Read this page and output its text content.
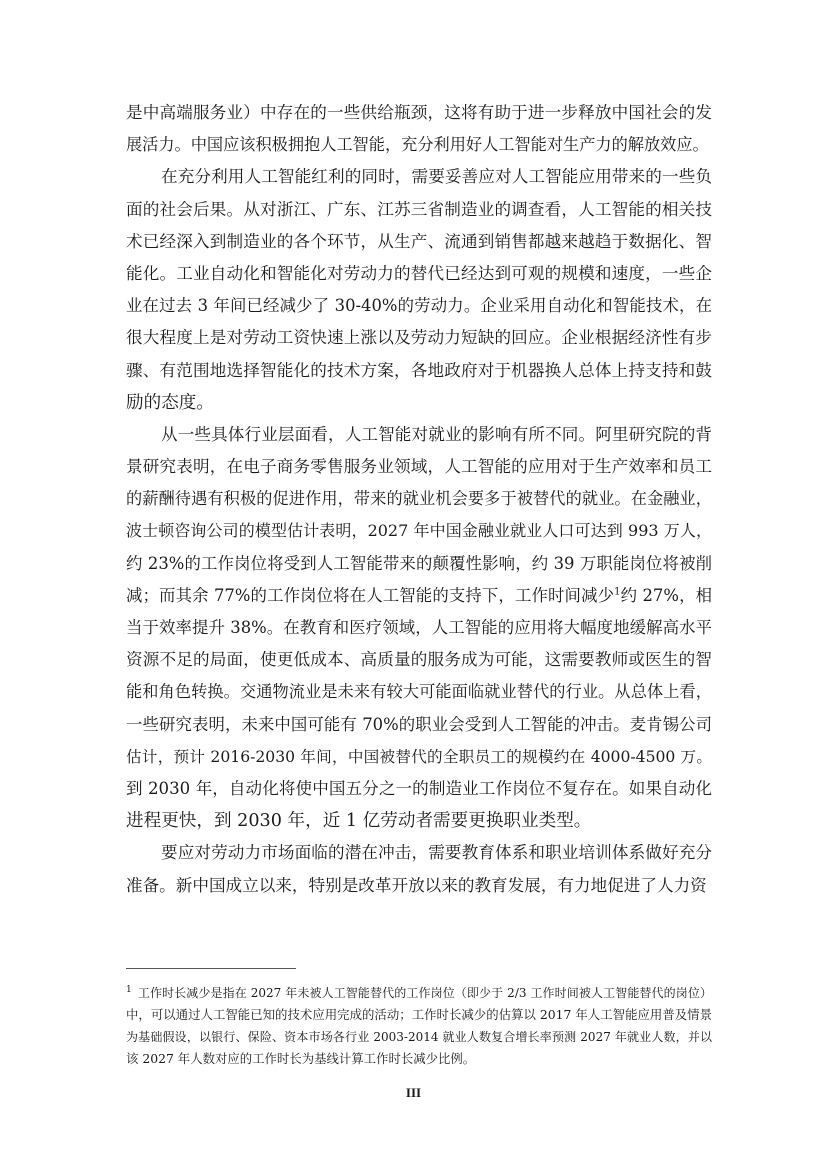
是中高端服务业）中存在的一些供给瓶颈，这将有助于进一步释放中国社会的发
展活力。中国应该积极拥抱人工智能，充分利用好人工智能对生产力的解放效应。
在充分利用人工智能红利的同时，需要妥善应对人工智能应用带来的一些负
面的社会后果。从对浙江、广东、江苏三省制造业的调查看，人工智能的相关技
术已经深入到制造业的各个环节，从生产、流通到销售都越来越趋于数据化、智
能化。工业自动化和智能化对劳动力的替代已经达到可观的规模和速度，一些企
业在过去 3 年间已经减少了 30-40%的劳动力。企业采用自动化和智能技术，在
很大程度上是对劳动工资快速上涨以及劳动力短缺的回应。企业根据经济性有步
骤、有范围地选择智能化的技术方案，各地政府对于机器换人总体上持支持和鼓
励的态度。
从一些具体行业层面看，人工智能对就业的影响有所不同。阿里研究院的背
景研究表明，在电子商务零售服务业领域，人工智能的应用对于生产效率和员工
的薪酬待遇有积极的促进作用，带来的就业机会要多于被替代的就业。在金融业，
波士顿咨询公司的模型估计表明，2027 年中国金融业就业人口可达到 993 万人，
约 23%的工作岗位将受到人工智能带来的颠覆性影响，约 39 万职能岗位将被削
减；而其余 77%的工作岗位将在人工智能的支持下，工作时间减少$^1$约 27%，相
当于效率提升 38%。在教育和医疗领域，人工智能的应用将大幅度地缓解高水平
资源不足的局面，使更低成本、高质量的服务成为可能，这需要教师或医生的智
能和角色转换。交通物流业是未来有较大可能面临就业替代的行业。从总体上看，
一些研究表明，未来中国可能有 70%的职业会受到人工智能的冲击。麦肯锡公司
估计，预计 2016-2030 年间，中国被替代的全职员工的规模约在 4000-4500 万。
到 2030 年，自动化将使中国五分之一的制造业工作岗位不复存在。如果自动化
进程更快，到 2030 年，近 1 亿劳动者需要更换职业类型。
要应对劳动力市场面临的潜在冲击，需要教育体系和职业培训体系做好充分
准备。新中国成立以来，特别是改革开放以来的教育发展，有力地促进了人力资
$^1$ 工作时长减少是指在 2027 年未被人工智能替代的工作岗位（即少于 2/3 工作时间被人工智能替代的岗位）
中，可以通过人工智能已知的技术应用完成的活动；工作时长减少的估算以 2017 年人工智能应用普及情景
为基础假设，以银行、保险、资本市场各行业 2003-2014 就业人数复合增长率预测 2027 年就业人数，并以
该 2027 年人数对应的工作时长为基线计算工作时长减少比例。
III
